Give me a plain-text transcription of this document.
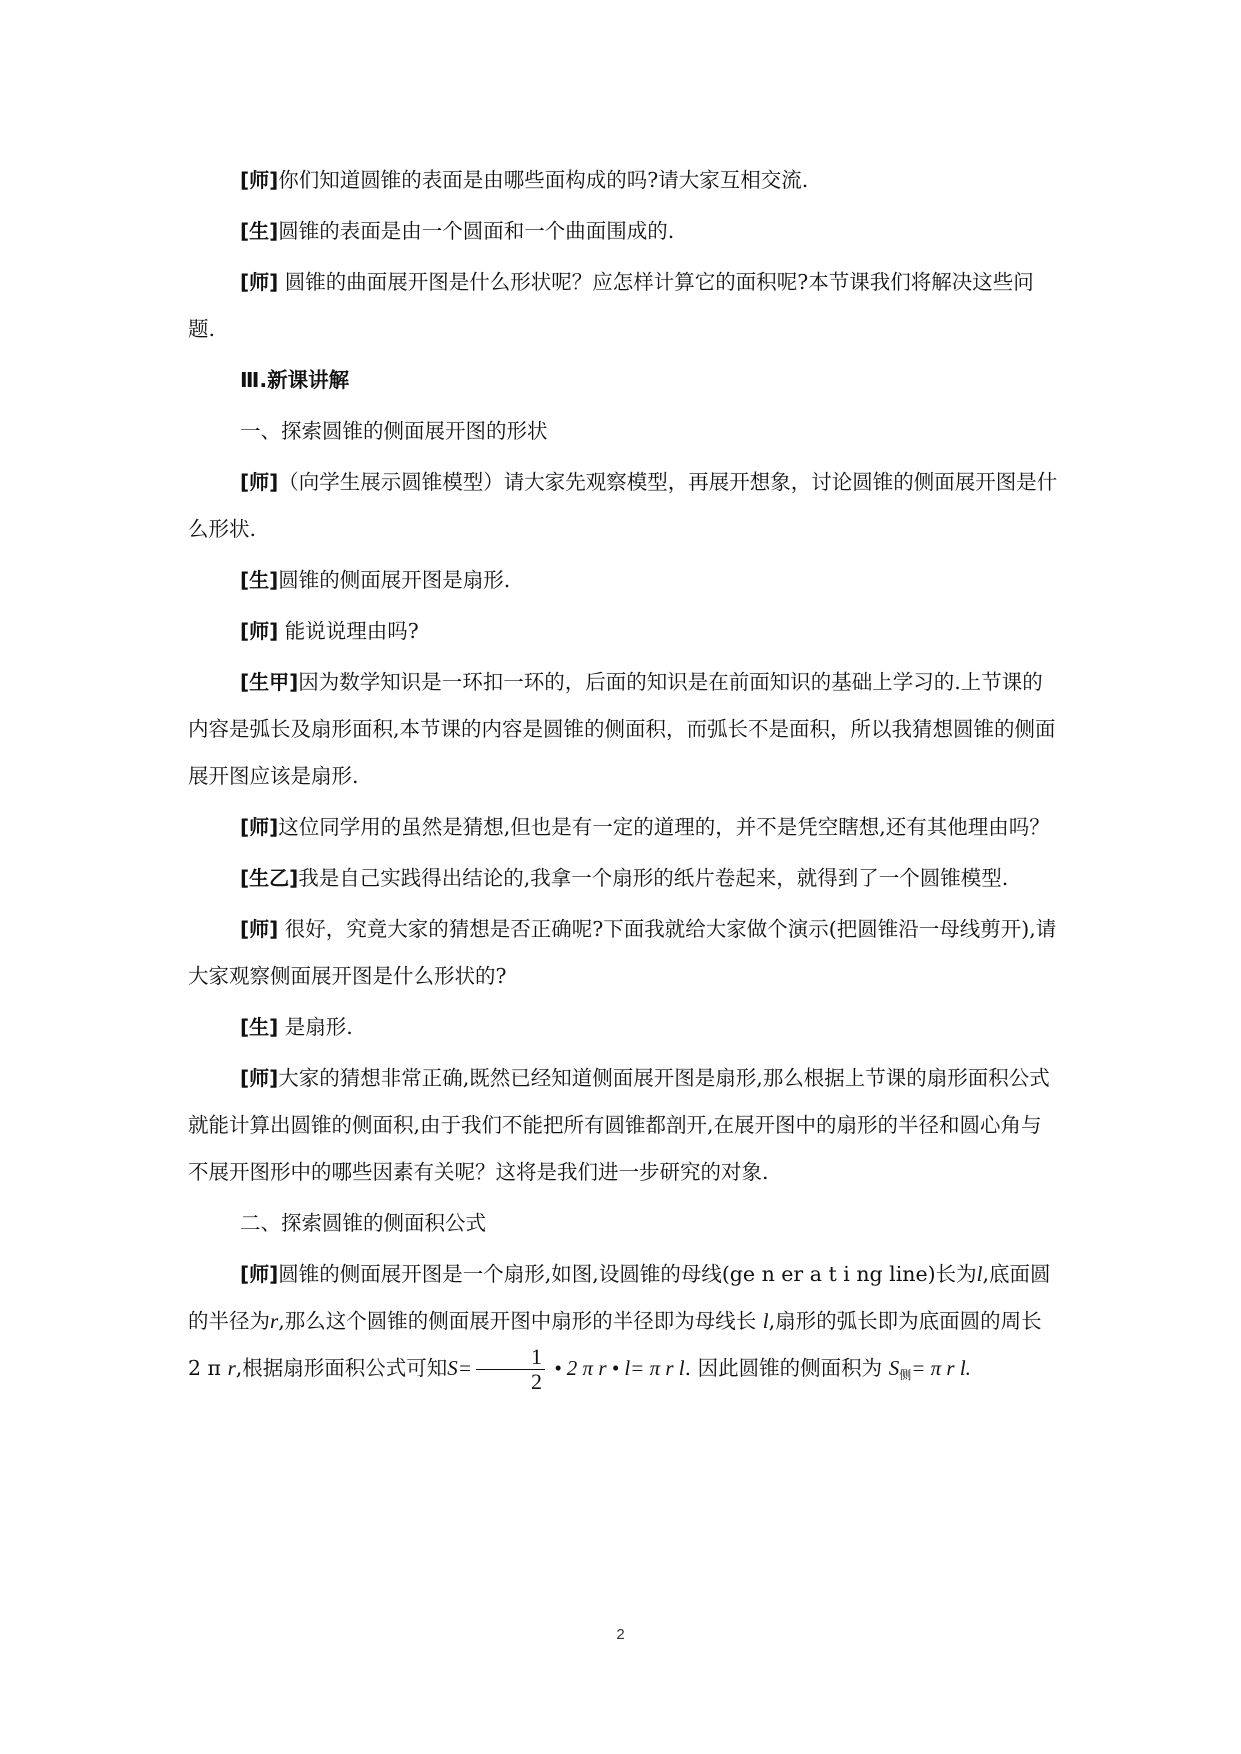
[师]你们知道圆锥的表面是由哪些面构成的吗?请大家互相交流.

[生]圆锥的表面是由一个圆面和一个曲面围成的.

[师] 圆锥的曲面展开图是什么形状呢？应怎样计算它的面积呢?本节课我们将解决这些问题.

Ⅲ.新课讲解

一、探索圆锥的侧面展开图的形状

[师]（向学生展示圆锥模型）请大家先观察模型，再展开想象，讨论圆锥的侧面展开图是什么形状.

[生]圆锥的侧面展开图是扇形.

[师] 能说说理由吗?

[生甲]因为数学知识是一环扣一环的，后面的知识是在前面知识的基础上学习的.上节课的内容是弧长及扇形面积,本节课的内容是圆锥的侧面积，而弧长不是面积，所以我猜想圆锥的侧面展开图应该是扇形.

[师]这位同学用的虽然是猜想,但也是有一定的道理的，并不是凭空瞎想,还有其他理由吗？

[生乙]我是自己实践得出结论的,我拿一个扇形的纸片卷起来，就得到了一个圆锥模型.

[师] 很好，究竟大家的猜想是否正确呢?下面我就给大家做个演示(把圆锥沿一母线剪开),请大家观察侧面展开图是什么形状的?

[生] 是扇形.

[师]大家的猜想非常正确,既然已经知道侧面展开图是扇形,那么根据上节课的扇形面积公式就能计算出圆锥的侧面积,由于我们不能把所有圆锥都剖开,在展开图中的扇形的半径和圆心角与不展开图形中的哪些因素有关呢？这将是我们进一步研究的对象.

二、探索圆锥的侧面积公式

[师]圆锥的侧面展开图是一个扇形,如图,设圆锥的母线(ge n er a t i ng line)长为l,底面圆的半径为r,那么这个圆锥的侧面展开图中扇形的半径即为母线长 l,扇形的弧长即为底面圆的周长 2 π r,根据扇形面积公式可知$S= \frac{1}{2}$ • 2 π r • l= π r l. 因此圆锥的侧面积为 $S_侧= \pi$ r l.

2
